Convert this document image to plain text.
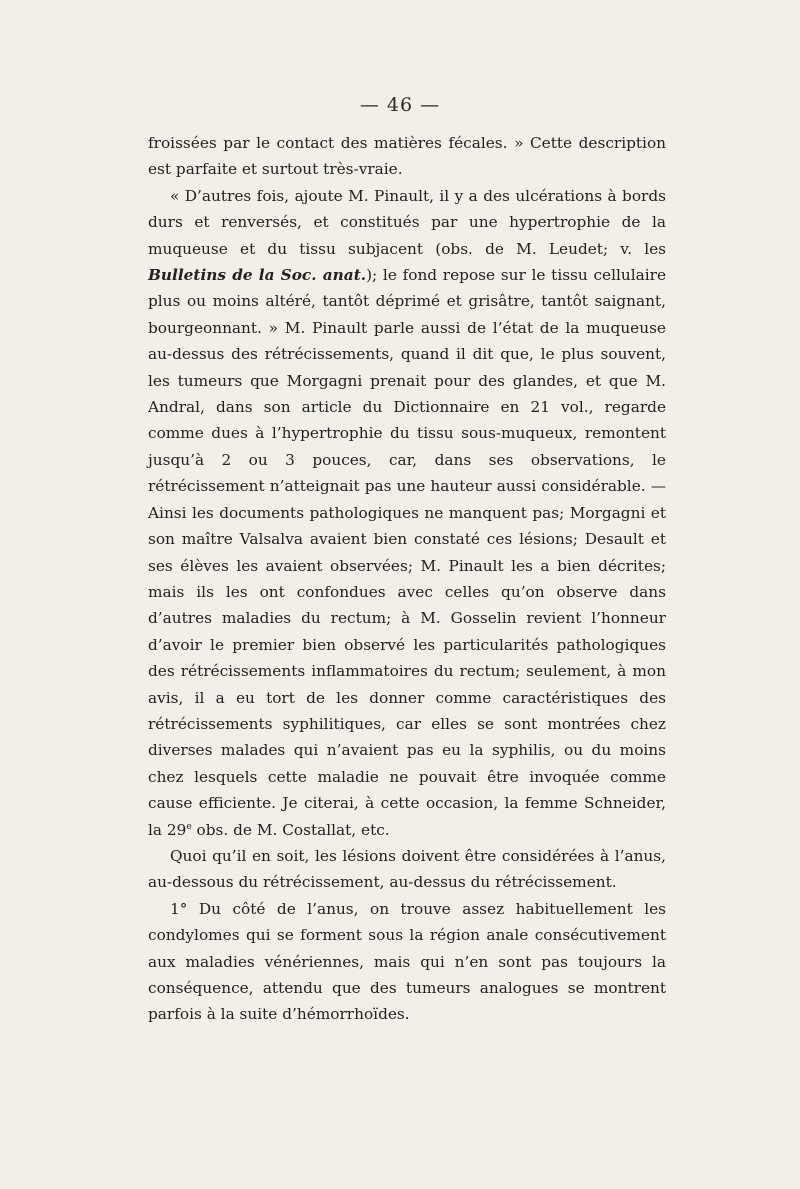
— 46 —

froissées par le contact des matières fécales. » Cette description est parfaite et surtout très-vraie.

« D’autres fois, ajoute M. Pinault, il y a des ulcérations à bords durs et renversés, et constitués par une hypertrophie de la muqueuse et du tissu subjacent (obs. de M. Leudet; v. les Bulletins de la Soc. anat.); le fond repose sur le tissu cellulaire plus ou moins altéré, tantôt déprimé et grisâtre, tantôt saignant, bourgeonnant. » M. Pinault parle aussi de l’état de la muqueuse au-dessus des rétrécissements, quand il dit que, le plus souvent, les tumeurs que Morgagni prenait pour des glandes, et que M. Andral, dans son article du Dictionnaire en 21 vol., regarde comme dues à l’hypertrophie du tissu sous-muqueux, remontent jusqu’à 2 ou 3 pouces, car, dans ses observations, le rétrécissement n’atteignait pas une hauteur aussi considérable. — Ainsi les documents pathologiques ne manquent pas; Morgagni et son maître Valsalva avaient bien constaté ces lésions; Desault et ses élèves les avaient observées; M. Pinault les a bien décrites; mais ils les ont confondues avec celles qu’on observe dans d’autres maladies du rectum; à M. Gosselin revient l’honneur d’avoir le premier bien observé les particularités pathologiques des rétrécissements inflammatoires du rectum; seulement, à mon avis, il a eu tort de les donner comme caractéristiques des rétrécissements syphilitiques, car elles se sont montrées chez diverses malades qui n’avaient pas eu la syphilis, ou du moins chez lesquels cette maladie ne pouvait être invoquée comme cause efficiente. Je citerai, à cette occasion, la femme Schneider, la 29e obs. de M. Costallat, etc.

Quoi qu’il en soit, les lésions doivent être considérées à l’anus, au-dessous du rétrécissement, au-dessus du rétrécissement.

1° Du côté de l’anus, on trouve assez habituellement les condylomes qui se forment sous la région anale consécutivement aux maladies vénériennes, mais qui n’en sont pas toujours la conséquence, attendu que des tumeurs analogues se montrent parfois à la suite d’hémorrhoïdes.
